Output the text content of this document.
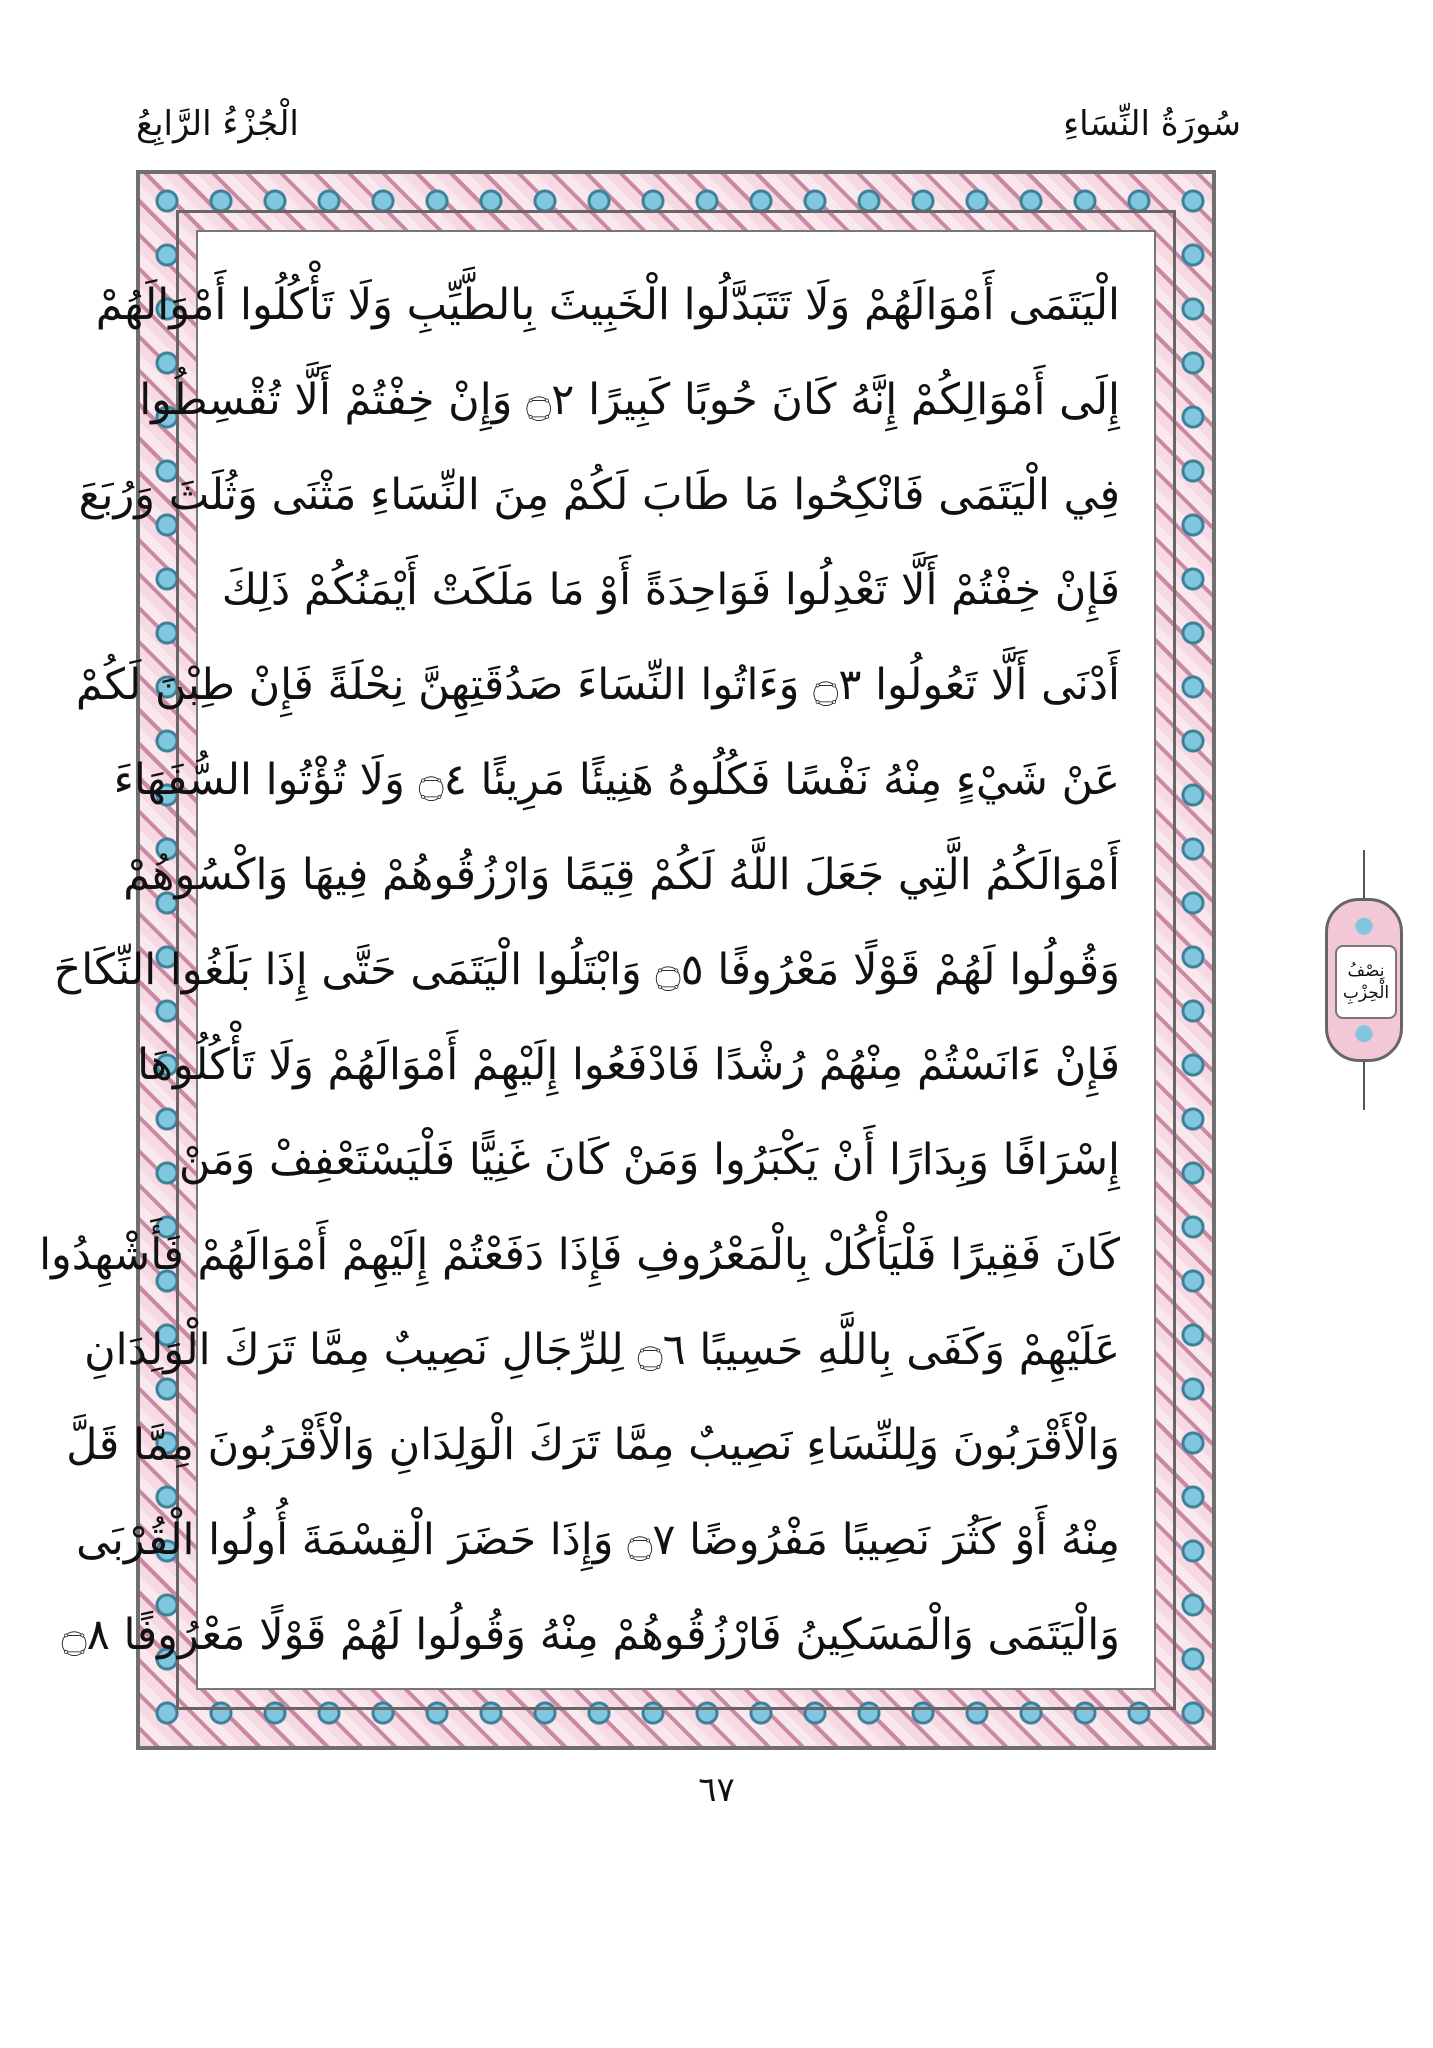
سُورَةُ النِّسَاءِ
الْجُزْءُ الرَّابِعُ
الْيَتَمَى أَمْوَالَهُمْ وَلَا تَتَبَدَّلُوا الْخَبِيثَ بِالطَّيِّبِ وَلَا تَأْكُلُوا أَمْوَالَهُمْ
إِلَى أَمْوَالِكُمْ إِنَّهُ كَانَ حُوبًا كَبِيرًا ۝٢ وَإِنْ خِفْتُمْ أَلَّا تُقْسِطُوا
فِي الْيَتَمَى فَانْكِحُوا مَا طَابَ لَكُمْ مِنَ النِّسَاءِ مَثْنَى وَثُلَثَ وَرُبَعَ
فَإِنْ خِفْتُمْ أَلَّا تَعْدِلُوا فَوَاحِدَةً أَوْ مَا مَلَكَتْ أَيْمَنُكُمْ ذَلِكَ
أَدْنَى أَلَّا تَعُولُوا ۝٣ وَءَاتُوا النِّسَاءَ صَدُقَتِهِنَّ نِحْلَةً فَإِنْ طِبْنَ لَكُمْ
عَنْ شَيْءٍ مِنْهُ نَفْسًا فَكُلُوهُ هَنِيئًا مَرِيئًا ۝٤ وَلَا تُؤْتُوا السُّفَهَاءَ
أَمْوَالَكُمُ الَّتِي جَعَلَ اللَّهُ لَكُمْ قِيَمًا وَارْزُقُوهُمْ فِيهَا وَاكْسُوهُمْ
وَقُولُوا لَهُمْ قَوْلًا مَعْرُوفًا ۝٥ وَابْتَلُوا الْيَتَمَى حَتَّى إِذَا بَلَغُوا النِّكَاحَ
فَإِنْ ءَانَسْتُمْ مِنْهُمْ رُشْدًا فَادْفَعُوا إِلَيْهِمْ أَمْوَالَهُمْ وَلَا تَأْكُلُوهَا
إِسْرَافًا وَبِدَارًا أَنْ يَكْبَرُوا وَمَنْ كَانَ غَنِيًّا فَلْيَسْتَعْفِفْ وَمَنْ
كَانَ فَقِيرًا فَلْيَأْكُلْ بِالْمَعْرُوفِ فَإِذَا دَفَعْتُمْ إِلَيْهِمْ أَمْوَالَهُمْ فَأَشْهِدُوا
عَلَيْهِمْ وَكَفَى بِاللَّهِ حَسِيبًا ۝٦ لِلرِّجَالِ نَصِيبٌ مِمَّا تَرَكَ الْوَلِدَانِ
وَالْأَقْرَبُونَ وَلِلنِّسَاءِ نَصِيبٌ مِمَّا تَرَكَ الْوَلِدَانِ وَالْأَقْرَبُونَ مِمَّا قَلَّ
مِنْهُ أَوْ كَثُرَ نَصِيبًا مَفْرُوضًا ۝٧ وَإِذَا حَضَرَ الْقِسْمَةَ أُولُوا الْقُرْبَى
وَالْيَتَمَى وَالْمَسَكِينُ فَارْزُقُوهُمْ مِنْهُ وَقُولُوا لَهُمْ قَوْلًا مَعْرُوفًا ۝٨
نِصْفُ الْحِزْبِ
٦٧
